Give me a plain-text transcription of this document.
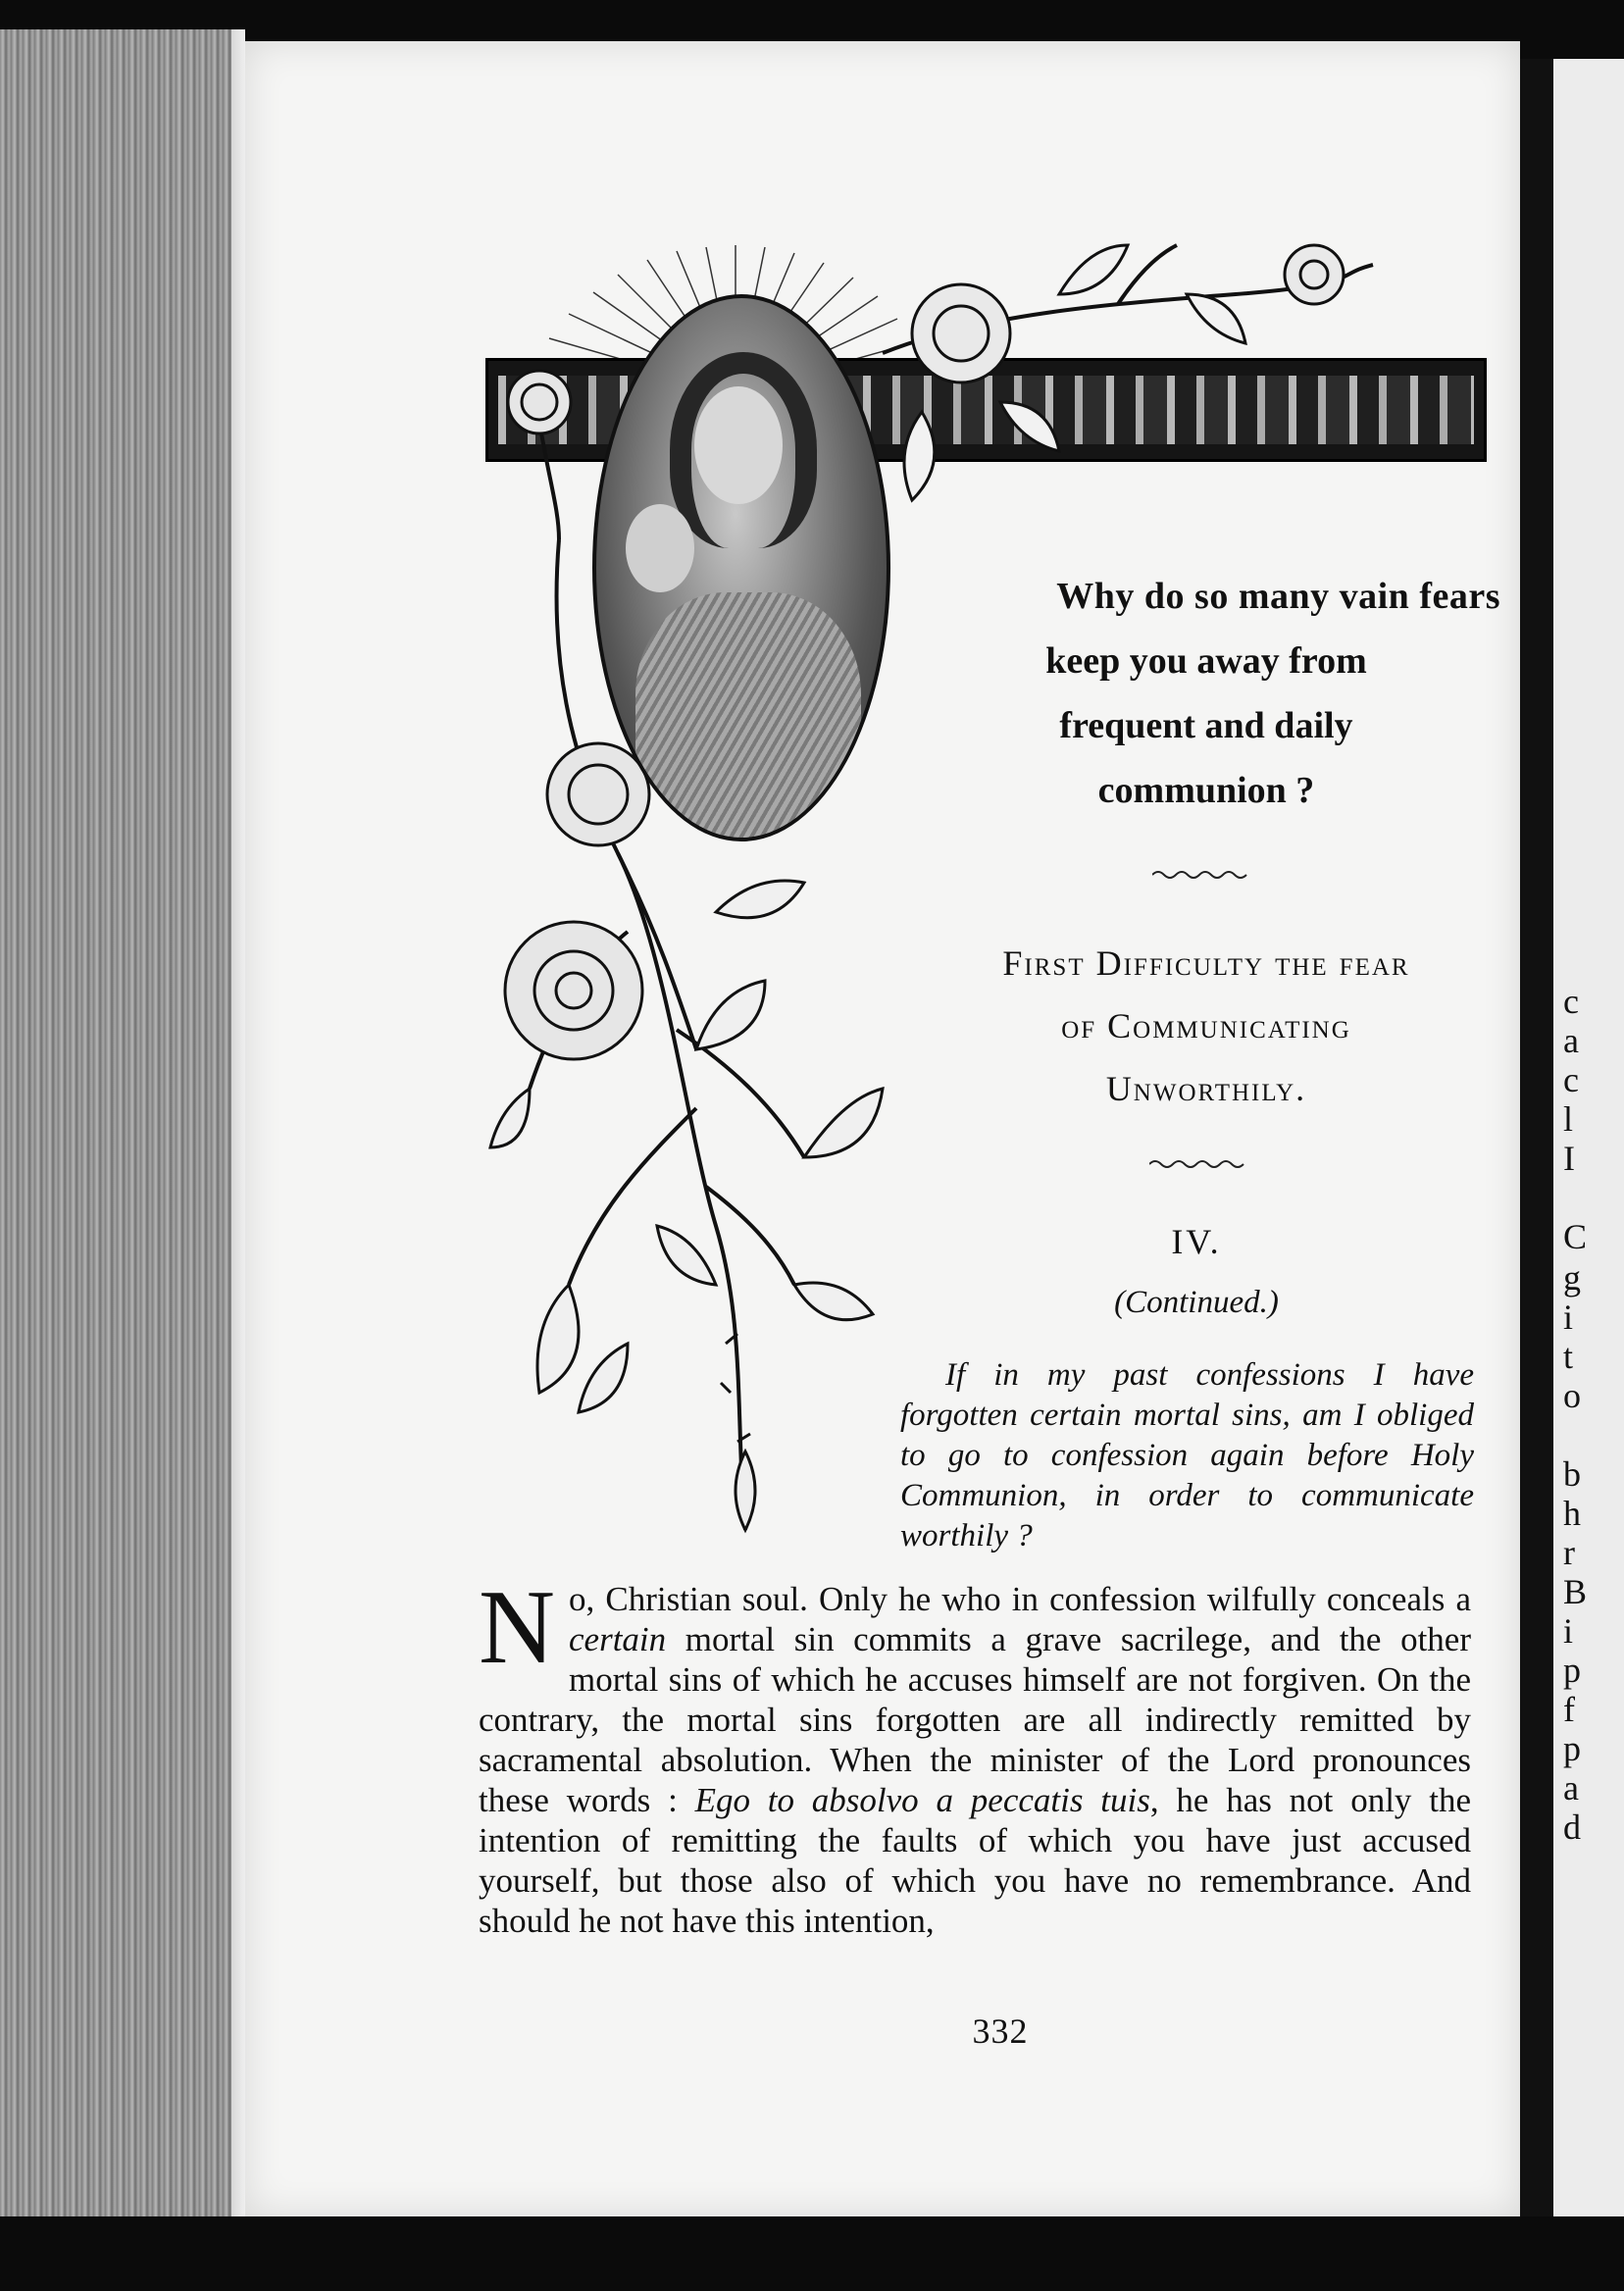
c
a
c
l
I
C
g
i
t
o
b
h
r
B
i
p
f
p
a
d
Why do so many vain fears
keep you away from
frequent and daily
communion ?
First Difficulty the fear
of Communicating
Unworthily.
IV.
(Continued.)
If in my past confessions I have forgotten certain mortal sins, am I obliged to go to confession again before Holy Communion, in order to communicate worthily ?
No, Christian soul. Only he who in confession wilfully conceals a certain mortal sin commits a grave sacrilege, and the other mortal sins of which he accuses himself are not forgiven. On the contrary, the mortal sins forgotten are all indirectly remitted by sacramental absolution. When the minister of the Lord pronounces these words : Ego to absolvo a peccatis tuis, he has not only the intention of remitting the faults of which you have just accused yourself, but those also of which you have no remembrance. And should he not have this intention,
332
